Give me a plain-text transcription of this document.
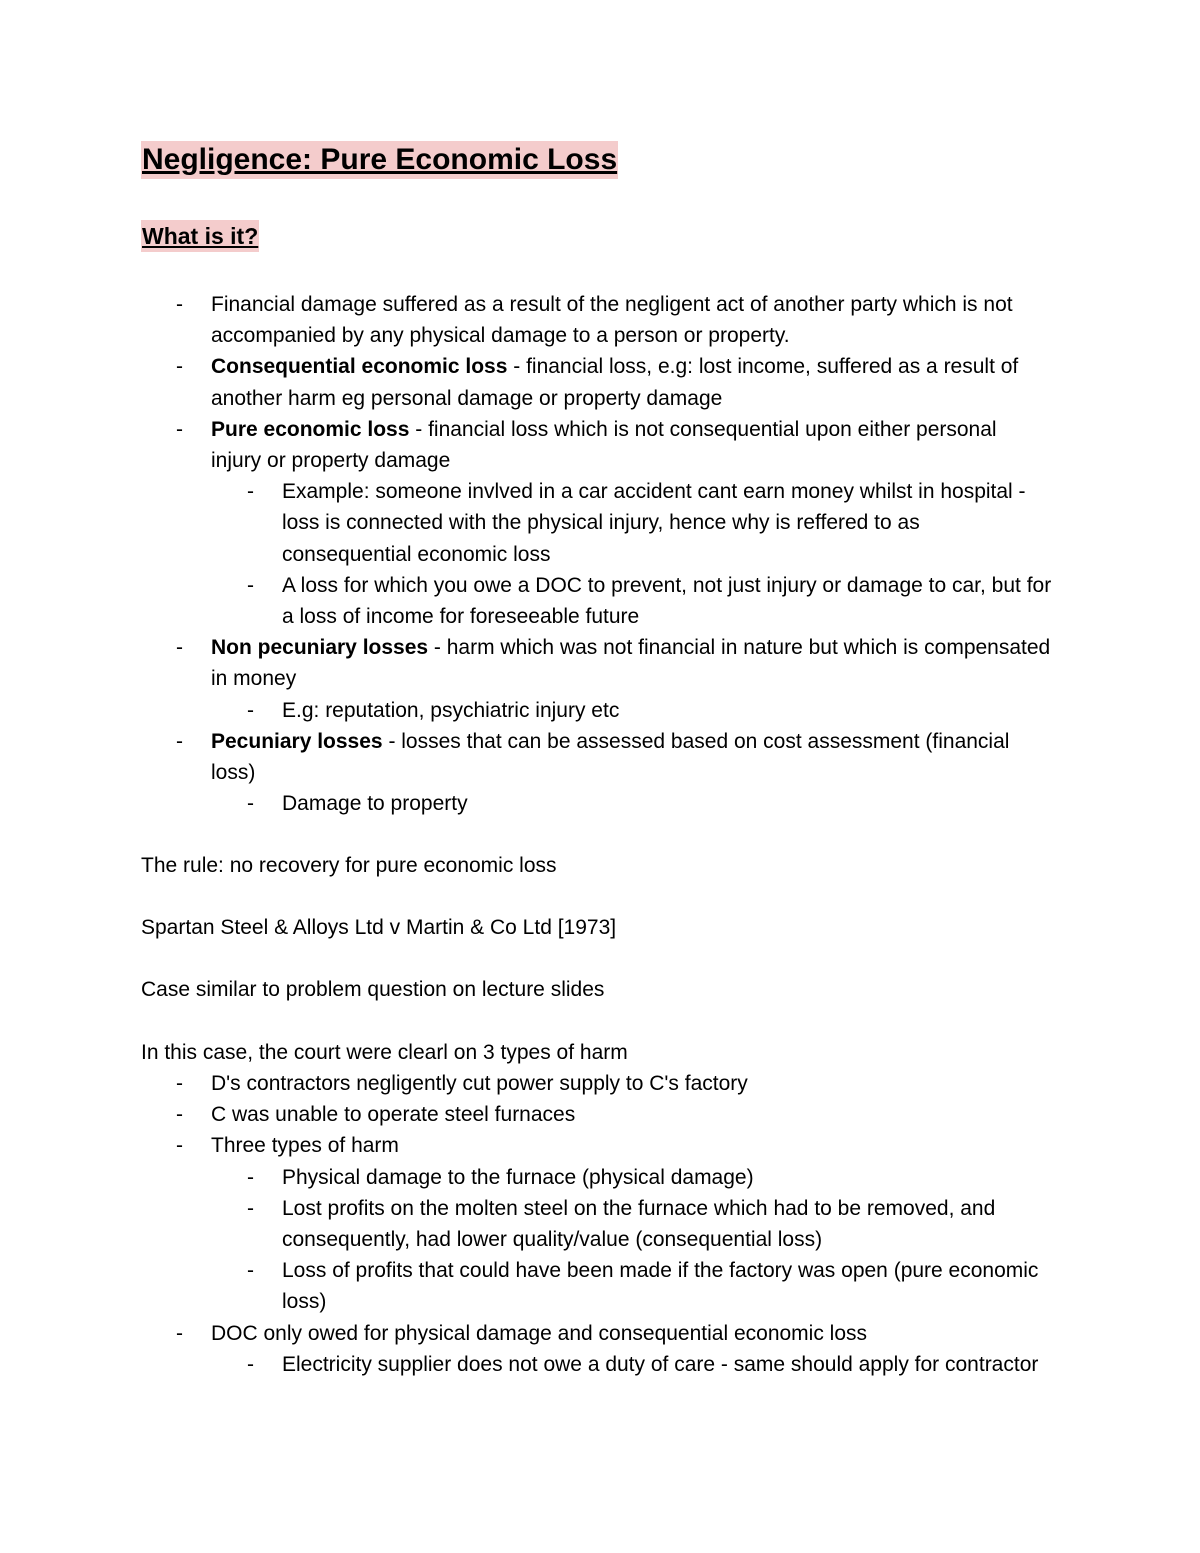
Negligence: Pure Economic Loss
What is it?
- Financial damage suffered as a result of the negligent act of another party which is not accompanied by any physical damage to a person or property.
- Consequential economic loss - financial loss, e.g: lost income, suffered as a result of another harm eg personal damage or property damage
- Pure economic loss - financial loss which is not consequential upon either personal injury or property damage
- Example: someone invlved in a car accident cant earn money whilst in hospital - loss is connected with the physical injury, hence why is reffered to as consequential economic loss
- A loss for which you owe a DOC to prevent, not just injury or damage to car, but for a loss of income for foreseeable future
- Non pecuniary losses - harm which was not financial in nature but which is compensated in money
- E.g: reputation, psychiatric injury etc
- Pecuniary losses - losses that can be assessed based on cost assessment (financial loss)
- Damage to property

The rule: no recovery for pure economic loss

Spartan Steel & Alloys Ltd v Martin & Co Ltd [1973]

Case similar to problem question on lecture slides

In this case, the court were clearl on 3 types of harm

- D's contractors negligently cut power supply to C's factory
- C was unable to operate steel furnaces
- Three types of harm
- Physical damage to the furnace (physical damage)
- Lost profits on the molten steel on the furnace which had to be removed, and consequently, had lower quality/value (consequential loss)
- Loss of profits that could have been made if the factory was open (pure economic loss)
- DOC only owed for physical damage and consequential economic loss
- Electricity supplier does not owe a duty of care - same should apply for contractor
